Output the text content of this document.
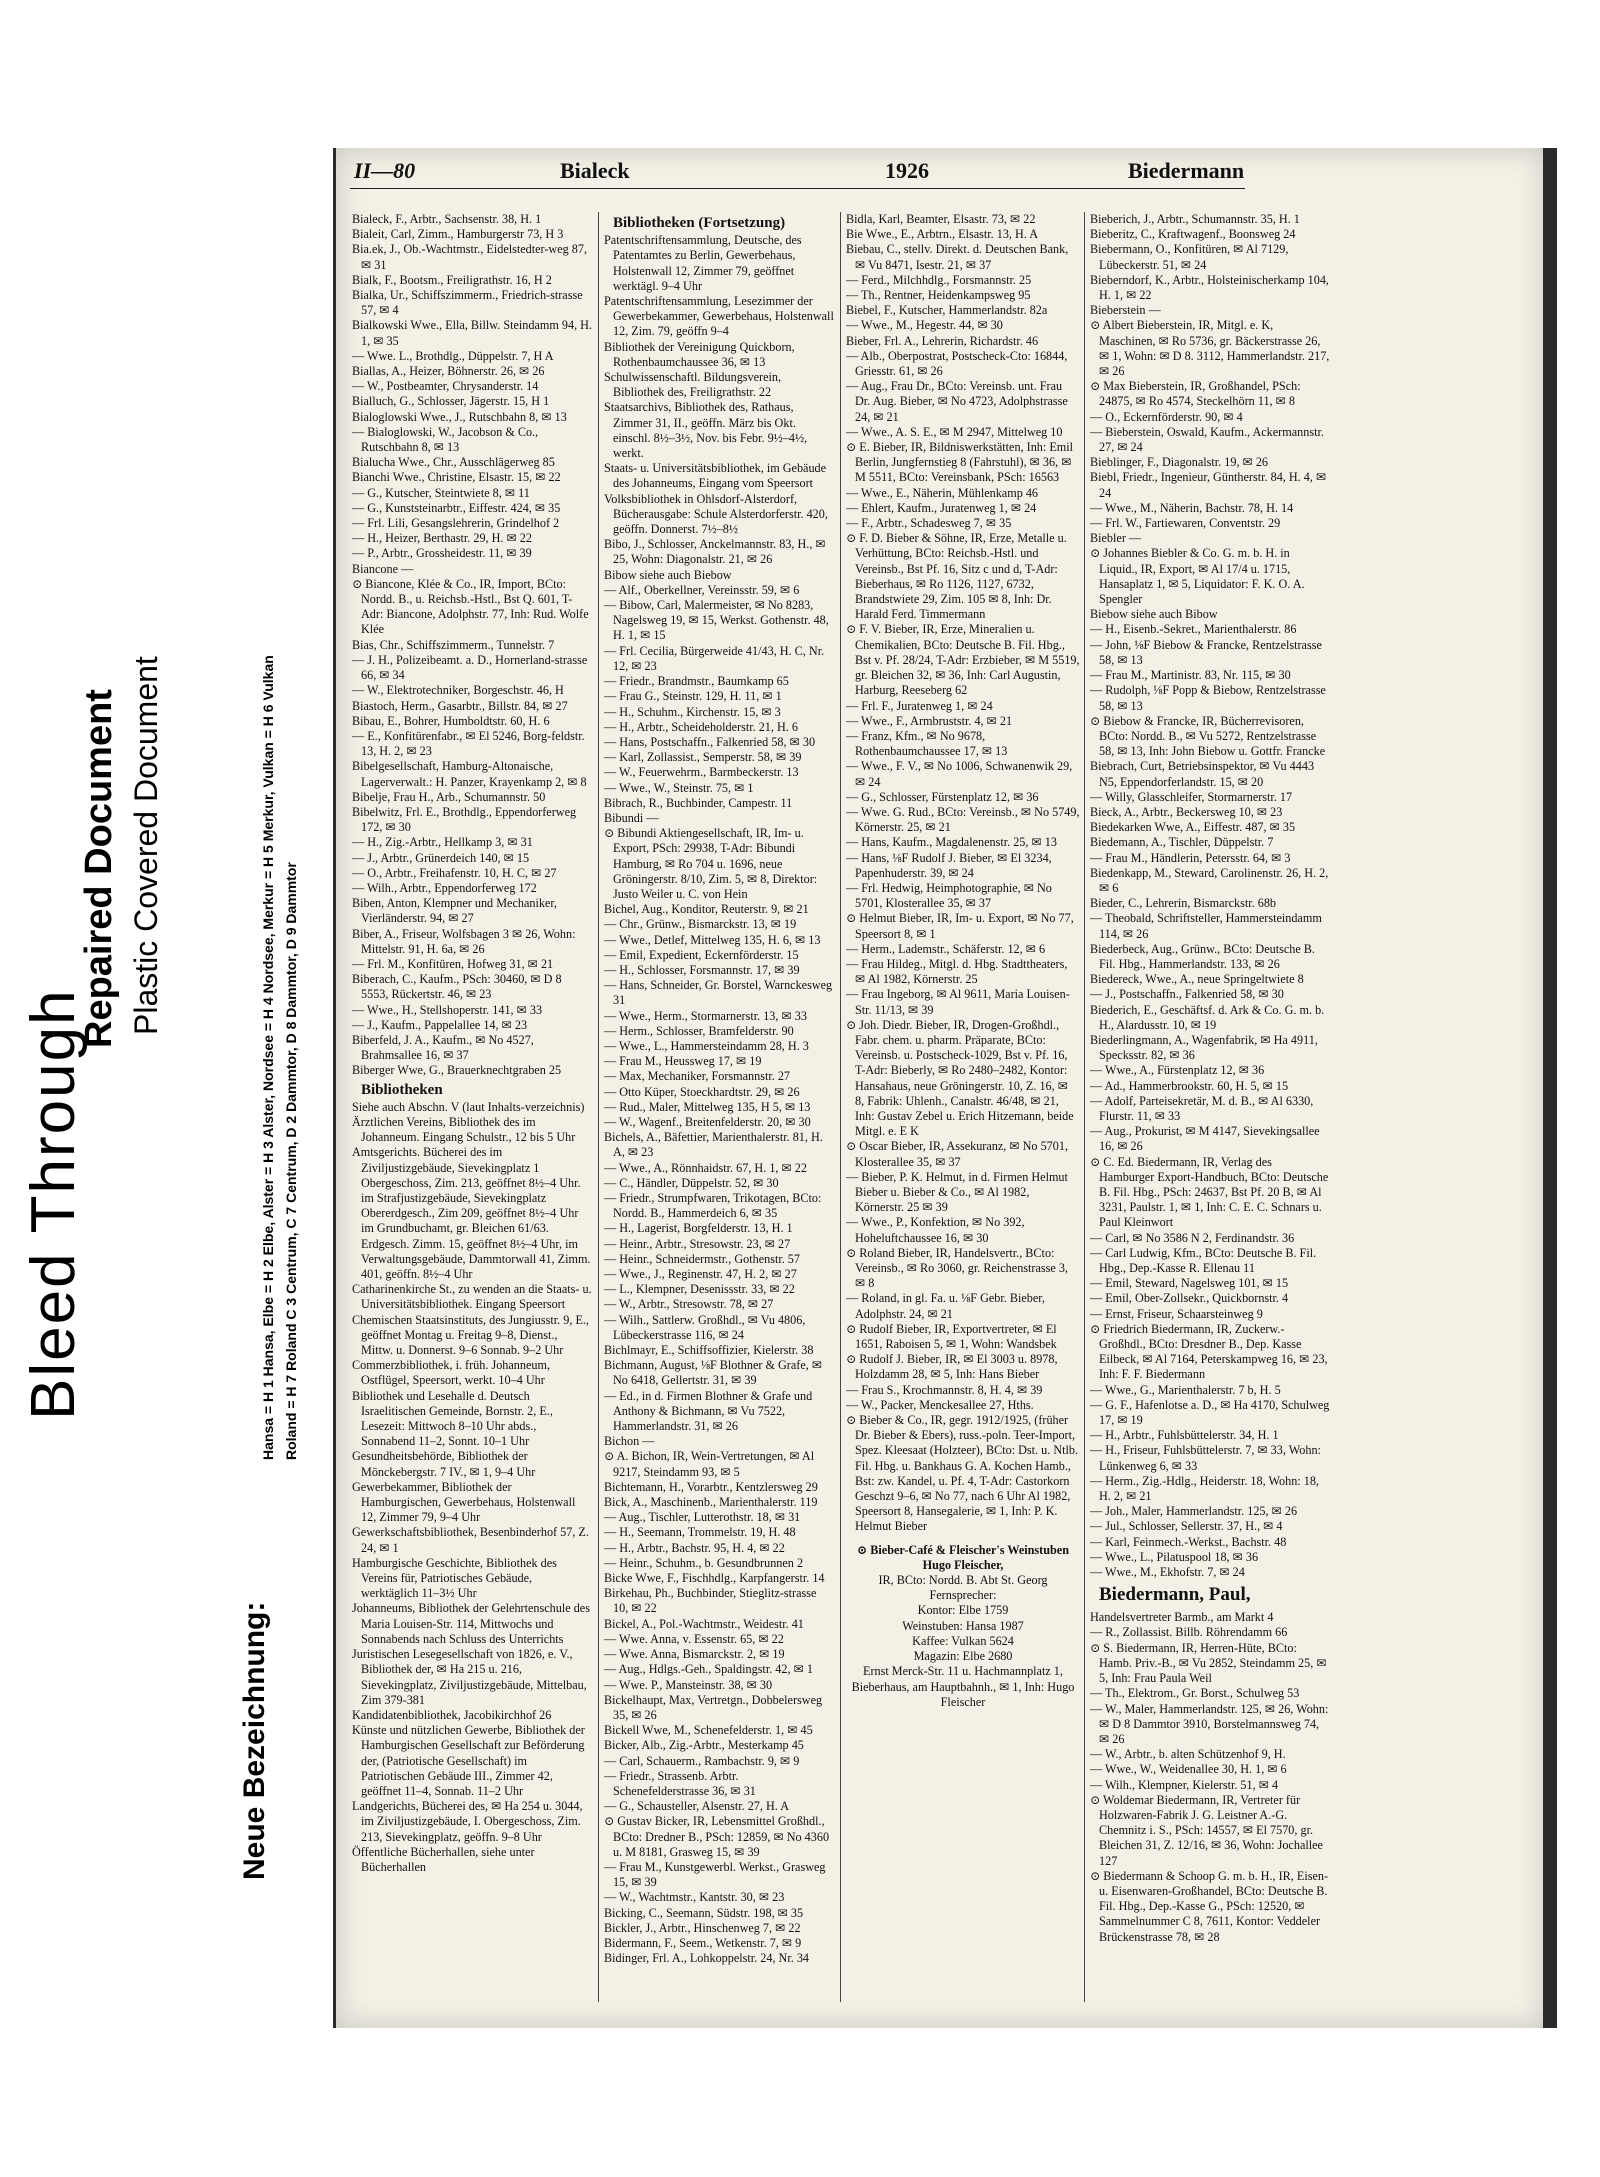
Bleed Through
Repaired Document Plastic Covered Document
Neue Bezeichnung:
Hansa = H 1 Hansa, Elbe = H 2 Elbe, Alster = H 3 Alster, Nordsee = H 4 Nordsee, Merkur = H 5 Merkur, Vulkan = H 6 Vulkan Roland = H 7 Roland C 3 Centrum, C 7 Centrum, D 2 Dammtor, D 8 Dammtor, D 9 Dammtor
II—80	Bialeck	1926	Biedermann

Bialeck, F., Arbtr., Sachsenstr. 38, H. 1

Bialeit, Carl, Zimm., Hamburgerstr 73, H 3

Bia.ek, J., Ob.-Wachtmstr., Eidelstedter-weg 87, ✉ 31

Bialk, F., Bootsm., Freiligrathstr. 16, H 2

Bialka, Ur., Schiffszimmerm., Friedrich-strasse 57, ✉ 4

Bialkowski Wwe., Ella, Billw. Steindamm 94, H. 1, ✉ 35

— Wwe. L., Brothdlg., Düppelstr. 7, H A

Biallas, A., Heizer, Böhnerstr. 26, ✉ 26

— W., Postbeamter, Chrysanderstr. 14

Bialluch, G., Schlosser, Jägerstr. 15, H 1

Bialoglowski Wwe., J., Rutschbahn 8, ✉ 13

— Bialoglowski, W., Jacobson & Co., Rutschbahn 8, ✉ 13

Bialucha Wwe., Chr., Ausschlägerweg 85

Bianchi Wwe., Christine, Elsastr. 15, ✉ 22

— G., Kutscher, Steintwiete 8, ✉ 11

— G., Kunststeinarbtr., Eiffestr. 424, ✉ 35

— Frl. Lili, Gesangslehrerin, Grindelhof 2

— H., Heizer, Berthastr. 29, H. ✉ 22

— P., Arbtr., Grossheidestr. 11, ✉ 39

Biancone —

⊙ Biancone, Klée & Co., IR, Import, BCto: Nordd. B., u. Reichsb.-Hstl., Bst Q. 601, T-Adr: Biancone, Adolphstr. 77, Inh: Rud. Wolfe Klée

Bias, Chr., Schiffszimmerm., Tunnelstr. 7

— J. H., Polizeibeamt. a. D., Hornerland-strasse 66, ✉ 34

— W., Elektrotechniker, Borgeschstr. 46, H

Biastoch, Herm., Gasarbtr., Billstr. 84, ✉ 27

Bibau, E., Bohrer, Humboldtstr. 60, H. 6

— E., Konfitürenfabr., ✉ El 5246, Borg-feldstr. 13, H. 2, ✉ 23

Bibelgesellschaft, Hamburg-Altonaische, Lagerverwalt.: H. Panzer, Krayenkamp 2, ✉ 8

Bibelje, Frau H., Arb., Schumannstr. 50

Bibelwitz, Frl. E., Brothdlg., Eppendorferweg 172, ✉ 30

— H., Zig.-Arbtr., Hellkamp 3, ✉ 31

— J., Arbtr., Grünerdeich 140, ✉ 15

— O., Arbtr., Freihafenstr. 10, H. C, ✉ 27

— Wilh., Arbtr., Eppendorferweg 172

Biben, Anton, Klempner und Mechaniker, Vierländerstr. 94, ✉ 27

Biber, A., Friseur, Wolfsbagen 3 ✉ 26, Wohn: Mittelstr. 91, H. 6a, ✉ 26

— Frl. M., Konfitüren, Hofweg 31, ✉ 21

Biberach, C., Kaufm., PSch: 30460, ✉ D 8 5553, Rückertstr. 46, ✉ 23

— Wwe., H., Stellshoperstr. 141, ✉ 33

— J., Kaufm., Pappelallee 14, ✉ 23

Biberfeld, J. A., Kaufm., ✉ No 4527, Brahmsallee 16, ✉ 37

Biberger Wwe, G., Brauerknechtgraben 25

Bibliotheken

Siehe auch Abschn. V (laut Inhalts-verzeichnis)

Ärztlichen Vereins, Bibliothek des im Johanneum. Eingang Schulstr., 12 bis 5 Uhr

Amtsgerichts. Bücherei des im Ziviljustizgebäude, Sievekingplatz 1 Obergeschoss, Zim. 213, geöffnet 8½–4 Uhr. im Strafjustizgebäude, Sievekingplatz Obererdgesch., Zim 209, geöffnet 8½–4 Uhr im Grundbuchamt, gr. Bleichen 61/63. Erdgesch. Zimm. 15, geöffnet 8½–4 Uhr, im Verwaltungsgebäude, Dammtorwall 41, Zimm. 401, geöffn. 8½–4 Uhr

Catharinenkirche St., zu wenden an die Staats- u. Universitätsbibliothek. Eingang Speersort

Chemischen Staatsinstituts, des Jungiusstr. 9, E., geöffnet Montag u. Freitag 9–8, Dienst., Mittw. u. Donnerst. 9–6 Sonnab. 9–2 Uhr

Commerzbibliothek, i. früh. Johanneum, Ostflügel, Speersort, werkt. 10–4 Uhr

Bibliothek und Lesehalle d. Deutsch Israelitischen Gemeinde, Bornstr. 2, E., Lesezeit: Mittwoch 8–10 Uhr abds., Sonnabend 11–2, Sonnt. 10–1 Uhr

Gesundheitsbehörde, Bibliothek der Mönckebergstr. 7 IV., ✉ 1, 9–4 Uhr

Gewerbekammer, Bibliothek der Hamburgischen, Gewerbehaus, Holstenwall 12, Zimmer 79, 9–4 Uhr

Gewerkschaftsbibliothek, Besenbinderhof 57, Z. 24, ✉ 1

Hamburgische Geschichte, Bibliothek des Vereins für, Patriotisches Gebäude, werktäglich 11–3½ Uhr

Johanneums, Bibliothek der Gelehrtenschule des Maria Louisen-Str. 114, Mittwochs und Sonnabends nach Schluss des Unterrichts

Juristischen Lesegesellschaft von 1826, e. V., Bibliothek der, ✉ Ha 215 u. 216, Sievekingplatz, Ziviljustizgebäude, Mittelbau, Zim 379-381

Kandidatenbibliothek, Jacobikirchhof 26

Künste und nützlichen Gewerbe, Bibliothek der Hamburgischen Gesellschaft zur Beförderung der, (Patriotische Gesellschaft) im Patriotischen Gebäude III., Zimmer 42, geöffnet 11–4, Sonnab. 11–2 Uhr

Landgerichts, Bücherei des, ✉ Ha 254 u. 3044, im Ziviljustizgebäude, I. Obergeschoss, Zim. 213, Sievekingplatz, geöffn. 9–8 Uhr

Öffentliche Bücherhallen, siehe unter Bücherhallen

Bibliotheken (Fortsetzung)

Patentschriftensammlung, Deutsche, des Patentamtes zu Berlin, Gewerbehaus, Holstenwall 12, Zimmer 79, geöffnet werktägl. 9–4 Uhr

Patentschriftensammlung, Lesezimmer der Gewerbekammer, Gewerbehaus, Holstenwall 12, Zim. 79, geöffn 9–4

Bibliothek der Vereinigung Quickborn, Rothenbaumchaussee 36, ✉ 13

Schulwissenschaftl. Bildungsverein, Bibliothek des, Freiligrathstr. 22

Staatsarchivs, Bibliothek des, Rathaus, Zimmer 31, II., geöffn. März bis Okt. einschl. 8½–3½, Nov. bis Febr. 9½–4½, werkt.

Staats- u. Universitätsbibliothek, im Gebäude des Johanneums, Eingang vom Speersort

Volksbibliothek in Ohlsdorf-Alsterdorf, Bücherausgabe: Schule Alsterdorferstr. 420, geöffn. Donnerst. 7½–8½

Bibo, J., Schlosser, Anckelmannstr. 83, H., ✉ 25, Wohn: Diagonalstr. 21, ✉ 26

Bibow siehe auch Biebow

— Alf., Oberkellner, Vereinsstr. 59, ✉ 6

— Bibow, Carl, Malermeister, ✉ No 8283, Nagelsweg 19, ✉ 15, Werkst. Gothenstr. 48, H. 1, ✉ 15

— Frl. Cecilia, Bürgerweide 41/43, H. C, Nr. 12, ✉ 23

— Friedr., Brandmstr., Baumkamp 65

— Frau G., Steinstr. 129, H. 11, ✉ 1

— H., Schuhm., Kirchenstr. 15, ✉ 3

— H., Arbtr., Scheideholderstr. 21, H. 6

— Hans, Postschaffn., Falkenried 58, ✉ 30

— Karl, Zollassist., Semperstr. 58, ✉ 39

— W., Feuerwehrm., Barmbeckerstr. 13

— Wwe., W., Steinstr. 75, ✉ 1

Bibrach, R., Buchbinder, Campestr. 11

Bibundi —

⊙ Bibundi Aktiengesellschaft, IR, Im- u. Export, PSch: 29938, T-Adr: Bibundi Hamburg, ✉ Ro 704 u. 1696, neue Gröningerstr. 8/10, Zim. 5, ✉ 8, Direktor: Justo Weiler u. C. von Hein

Bichel, Aug., Konditor, Reuterstr. 9, ✉ 21

— Chr., Grünw., Bismarckstr. 13, ✉ 19

— Wwe., Detlef, Mittelweg 135, H. 6, ✉ 13

— Emil, Expedient, Eckernförderstr. 15

— H., Schlosser, Forsmannstr. 17, ✉ 39

— Hans, Schneider, Gr. Borstel, Warnckesweg 31

— Wwe., Herm., Stormarnerstr. 13, ✉ 33

— Herm., Schlosser, Bramfelderstr. 90

— Wwe., L., Hammersteindamm 28, H. 3

— Frau M., Heussweg 17, ✉ 19

— Max, Mechaniker, Forsmannstr. 27

— Otto Küper, Stoeckhardtstr. 29, ✉ 26

— Rud., Maler, Mittelweg 135, H 5, ✉ 13

— W., Wagenf., Breitenfelderstr. 20, ✉ 30

Bichels, A., Bäfettier, Marienthalerstr. 81, H. A, ✉ 23

— Wwe., A., Rönnhaidstr. 67, H. 1, ✉ 22

— C., Händler, Düppelstr. 52, ✉ 30

— Friedr., Strumpfwaren, Trikotagen, BCto: Nordd. B., Hammerdeich 6, ✉ 35

— H., Lagerist, Borgfelderstr. 13, H. 1

— Heinr., Arbtr., Stresowstr. 23, ✉ 27

— Heinr., Schneidermstr., Gothenstr. 57

— Wwe., J., Reginenstr. 47, H. 2, ✉ 27

— L., Klempner, Desenissstr. 33, ✉ 22

— W., Arbtr., Stresowstr. 78, ✉ 27

— Wilh., Sattlerw. Großhdl., ✉ Vu 4806, Lübeckerstrasse 116, ✉ 24

Bichlmayr, E., Schiffsoffizier, Kielerstr. 38

Bichmann, August, ⅛F Blothner & Grafe, ✉ No 6418, Gellertstr. 31, ✉ 39

— Ed., in d. Firmen Blothner & Grafe und Anthony & Bichmann, ✉ Vu 7522, Hammerlandstr. 31, ✉ 26

Bichon —

⊙ A. Bichon, IR, Wein-Vertretungen, ✉ Al 9217, Steindamm 93, ✉ 5

Bichtemann, H., Vorarbtr., Kentzlersweg 29

Bick, A., Maschinenb., Marienthalerstr. 119

— Aug., Tischler, Lutterothstr. 18, ✉ 31

— H., Seemann, Trommelstr. 19, H. 48

— H., Arbtr., Bachstr. 95, H. 4, ✉ 22

— Heinr., Schuhm., b. Gesundbrunnen 2

Bicke Wwe, F., Fischhdlg., Karpfangerstr. 14

Birkehau, Ph., Buchbinder, Stieglitz-strasse 10, ✉ 22

Bickel, A., Pol.-Wachtmstr., Weidestr. 41

— Wwe. Anna, v. Essenstr. 65, ✉ 22

— Wwe. Anna, Bismarckstr. 2, ✉ 19

— Aug., Hdlgs.-Geh., Spaldingstr. 42, ✉ 1

— Wwe. P., Mansteinstr. 38, ✉ 30

Bickelhaupt, Max, Vertretgn., Dobbelersweg 35, ✉ 26

Bickell Wwe, M., Schenefelderstr. 1, ✉ 45

Bicker, Alb., Zig.-Arbtr., Mesterkamp 45

— Carl, Schauerm., Rambachstr. 9, ✉ 9

— Friedr., Strassenb. Arbtr. Schenefelderstrasse 36, ✉ 31

— G., Schausteller, Alsenstr. 27, H. A

⊙ Gustav Bicker, IR, Lebensmittel Großhdl., BCto: Dredner B., PSch: 12859, ✉ No 4360 u. M 8181, Grasweg 15, ✉ 39

— Frau M., Kunstgewerbl. Werkst., Grasweg 15, ✉ 39

— W., Wachtmstr., Kantstr. 30, ✉ 23

Bicking, C., Seemann, Südstr. 198, ✉ 35

Bickler, J., Arbtr., Hinschenweg 7, ✉ 22

Bidermann, F., Seem., Wetkenstr. 7, ✉ 9

Bidinger, Frl. A., Lohkoppelstr. 24, Nr. 34

Bidla, Karl, Beamter, Elsastr. 73, ✉ 22

Bie Wwe., E., Arbtrn., Elsastr. 13, H. A

Biebau, C., stellv. Direkt. d. Deutschen Bank, ✉ Vu 8471, Isestr. 21, ✉ 37

— Ferd., Milchhdlg., Forsmannstr. 25

— Th., Rentner, Heidenkampsweg 95

Biebel, F., Kutscher, Hammerlandstr. 82a

— Wwe., M., Hegestr. 44, ✉ 30

Bieber, Frl. A., Lehrerin, Richardstr. 46

— Alb., Oberpostrat, Postscheck-Cto: 16844, Griesstr. 61, ✉ 26

— Aug., Frau Dr., BCto: Vereinsb. unt. Frau Dr. Aug. Bieber, ✉ No 4723, Adolphstrasse 24, ✉ 21

— Wwe., A. S. E., ✉ M 2947, Mittelweg 10

⊙ E. Bieber, IR, Bildniswerkstätten, Inh: Emil Berlin, Jungfernstieg 8 (Fahrstuhl), ✉ 36, ✉ M 5511, BCto: Vereinsbank, PSch: 16563

— Wwe., E., Näherin, Mühlenkamp 46

— Ehlert, Kaufm., Juratenweg 1, ✉ 24

— F., Arbtr., Schadesweg 7, ✉ 35

⊙ F. D. Bieber & Söhne, IR, Erze, Metalle u. Verhüttung, BCto: Reichsb.-Hstl. und Vereinsb., Bst Pf. 16, Sitz c und d, T-Adr: Bieberhaus, ✉ Ro 1126, 1127, 6732, Brandstwiete 29, Zim. 105 ✉ 8, Inh: Dr. Harald Ferd. Timmermann

⊙ F. V. Bieber, IR, Erze, Mineralien u. Chemikalien, BCto: Deutsche B. Fil. Hbg., Bst v. Pf. 28/24, T-Adr: Erzbieber, ✉ M 5519, gr. Bleichen 32, ✉ 36, Inh: Carl Augustin, Harburg, Reeseberg 62

— Frl. F., Juratenweg 1, ✉ 24

— Wwe., F., Armbruststr. 4, ✉ 21

— Franz, Kfm., ✉ No 9678, Rothenbaumchaussee 17, ✉ 13

— Wwe., F. V., ✉ No 1006, Schwanenwik 29, ✉ 24

— G., Schlosser, Fürstenplatz 12, ✉ 36

— Wwe. G. Rud., BCto: Vereinsb., ✉ No 5749, Körnerstr. 25, ✉ 21

— Hans, Kaufm., Magdalenenstr. 25, ✉ 13

— Hans, ⅛F Rudolf J. Bieber, ✉ El 3234, Papenhuderstr. 39, ✉ 24

— Frl. Hedwig, Heimphotographie, ✉ No 5701, Klosterallee 35, ✉ 37

⊙ Helmut Bieber, IR, Im- u. Export, ✉ No 77, Speersort 8, ✉ 1

— Herm., Lademstr., Schäferstr. 12, ✉ 6

— Frau Hildeg., Mitgl. d. Hbg. Stadttheaters, ✉ Al 1982, Körnerstr. 25

— Frau Ingeborg, ✉ Al 9611, Maria Louisen-Str. 11/13, ✉ 39

⊙ Joh. Diedr. Bieber, IR, Drogen-Großhdl., Fabr. chem. u. pharm. Präparate, BCto: Vereinsb. u. Postscheck-1029, Bst v. Pf. 16, T-Adr: Bieberly, ✉ Ro 2480–2482, Kontor: Hansahaus, neue Gröningerstr. 10, Z. 16, ✉ 8, Fabrik: Uhlenh., Canalstr. 46/48, ✉ 21, Inh: Gustav Zebel u. Erich Hitzemann, beide Mitgl. e. E K

⊙ Oscar Bieber, IR, Assekuranz, ✉ No 5701, Klosterallee 35, ✉ 37

— Bieber, P. K. Helmut, in d. Firmen Helmut Bieber u. Bieber & Co., ✉ Al 1982, Körnerstr. 25 ✉ 39

— Wwe., P., Konfektion, ✉ No 392, Hoheluftchaussee 16, ✉ 30

⊙ Roland Bieber, IR, Handelsvertr., BCto: Vereinsb., ✉ Ro 3060, gr. Reichenstrasse 3, ✉ 8

— Roland, in gl. Fa. u. ⅛F Gebr. Bieber, Adolphstr. 24, ✉ 21

⊙ Rudolf Bieber, IR, Exportvertreter, ✉ El 1651, Raboisen 5, ✉ 1, Wohn: Wandsbek

⊙ Rudolf J. Bieber, IR, ✉ El 3003 u. 8978, Holzdamm 28, ✉ 5, Inh: Hans Bieber

— Frau S., Krochmannstr. 8, H. 4, ✉ 39

— W., Packer, Menckesallee 27, Hths.

⊙ Bieber & Co., IR, gegr. 1912/1925, (früher Dr. Bieber & Ebers), russ.-poln. Teer-Import, Spez. Kleesaat (Holzteer), BCto: Dst. u. Ntlb. Fil. Hbg. u. Bankhaus G. A. Kochen Hamb., Bst: zw. Kandel, u. Pf. 4, T-Adr: Castorkorn Geschzt 9–6, ✉ No 77, nach 6 Uhr Al 1982, Speersort 8, Hansegalerie, ✉ 1, Inh: P. K. Helmut Bieber

⊙ Bieber-Café & Fleischer's Weinstuben Hugo Fleischer,

IR, BCto: Nordd. B. Abt St. Georg

Fernsprecher:

Kontor: Elbe 1759

Weinstuben: Hansa 1987

Kaffee: Vulkan 5624

Magazin: Elbe 2680

Ernst Merck-Str. 11 u. Hachmannplatz 1, Bieberhaus, am Hauptbahnh., ✉ 1, Inh: Hugo Fleischer

Bieberich, J., Arbtr., Schumannstr. 35, H. 1

Bieberitz, C., Kraftwagenf., Boonsweg 24

Biebermann, O., Konfitüren, ✉ Al 7129, Lübeckerstr. 51, ✉ 24

Bieberndorf, K., Arbtr., Holsteinischerkamp 104, H. 1, ✉ 22

Bieberstein —

⊙ Albert Bieberstein, IR, Mitgl. e. K, Maschinen, ✉ Ro 5736, gr. Bäckerstrasse 26, ✉ 1, Wohn: ✉ D 8. 3112, Hammerlandstr. 217, ✉ 26

⊙ Max Bieberstein, IR, Großhandel, PSch: 24875, ✉ Ro 4574, Steckelhörn 11, ✉ 8

— O., Eckernförderstr. 90, ✉ 4

— Bieberstein, Oswald, Kaufm., Ackermannstr. 27, ✉ 24

Bieblinger, F., Diagonalstr. 19, ✉ 26

Biebl, Friedr., Ingenieur, Güntherstr. 84, H. 4, ✉ 24

— Wwe., M., Näherin, Bachstr. 78, H. 14

— Frl. W., Fartiewaren, Conventstr. 29

Biebler —

⊙ Johannes Biebler & Co. G. m. b. H. in Liquid., IR, Export, ✉ Al 17/4 u. 1715, Hansaplatz 1, ✉ 5, Liquidator: F. K. O. A. Spengler

Biebow siehe auch Bibow

— H., Eisenb.-Sekret., Marienthalerstr. 86

— John, ⅛F Biebow & Francke, Rentzelstrasse 58, ✉ 13

— Frau M., Martinistr. 83, Nr. 115, ✉ 30

— Rudolph, ⅛F Popp & Biebow, Rentzelstrasse 58, ✉ 13

⊙ Biebow & Francke, IR, Bücherrevisoren, BCto: Nordd. B., ✉ Vu 5272, Rentzelstrasse 58, ✉ 13, Inh: John Biebow u. Gottfr. Francke

Biebrach, Curt, Betriebsinspektor, ✉ Vu 4443 N5, Eppendorferlandstr. 15, ✉ 20

— Willy, Glasschleifer, Stormarnerstr. 17

Bieck, A., Arbtr., Beckersweg 10, ✉ 23

Biedekarken Wwe, A., Eiffestr. 487, ✉ 35

Biedemann, A., Tischler, Düppelstr. 7

— Frau M., Händlerin, Petersstr. 64, ✉ 3

Biedenkapp, M., Steward, Carolinenstr. 26, H. 2, ✉ 6

Bieder, C., Lehrerin, Bismarckstr. 68b

— Theobald, Schriftsteller, Hammersteindamm 114, ✉ 26

Biederbeck, Aug., Grünw., BCto: Deutsche B. Fil. Hbg., Hammerlandstr. 133, ✉ 26

Biedereck, Wwe., A., neue Springeltwiete 8

— J., Postschaffn., Falkenried 58, ✉ 30

Biederich, E., Geschäftsf. d. Ark & Co. G. m. b. H., Alardusstr. 10, ✉ 19

Biederlingmann, A., Wagenfabrik, ✉ Ha 4911, Specksstr. 82, ✉ 36

— Wwe., A., Fürstenplatz 12, ✉ 36

— Ad., Hammerbrookstr. 60, H. 5, ✉ 15

— Adolf, Parteisekretär, M. d. B., ✉ Al 6330, Flurstr. 11, ✉ 33

— Aug., Prokurist, ✉ M 4147, Sievekingsallee 16, ✉ 26

⊙ C. Ed. Biedermann, IR, Verlag des Hamburger Export-Handbuch, BCto: Deutsche B. Fil. Hbg., PSch: 24637, Bst Pf. 20 B, ✉ Al 3231, Paulstr. 1, ✉ 1, Inh: C. E. C. Schnars u. Paul Kleinwort

— Carl, ✉ No 3586 N 2, Ferdinandstr. 36

— Carl Ludwig, Kfm., BCto: Deutsche B. Fil. Hbg., Dep.-Kasse R. Ellenau 11

— Emil, Steward, Nagelsweg 101, ✉ 15

— Emil, Ober-Zollsekr., Quickbornstr. 4

— Ernst, Friseur, Schaarsteinweg 9

⊙ Friedrich Biedermann, IR, Zuckerw.-Großhdl., BCto: Dresdner B., Dep. Kasse Eilbeck, ✉ Al 7164, Peterskampweg 16, ✉ 23, Inh: F. F. Biedermann

— Wwe., G., Marienthalerstr. 7 b, H. 5

— G. F., Hafenlotse a. D., ✉ Ha 4170, Schulweg 17, ✉ 19

— H., Arbtr., Fuhlsbüttelerstr. 34, H. 1

— H., Friseur, Fuhlsbüttelerstr. 7, ✉ 33, Wohn: Lünkenweg 6, ✉ 33

— Herm., Zig.-Hdlg., Heiderstr. 18, Wohn: 18, H. 2, ✉ 21

— Joh., Maler, Hammerlandstr. 125, ✉ 26

— Jul., Schlosser, Sellerstr. 37, H., ✉ 4

— Karl, Feinmech.-Werkst., Bachstr. 48

— Wwe., L., Pilatuspool 18, ✉ 36

— Wwe., M., Ekhofstr. 7, ✉ 24

Biedermann, Paul,

Handelsvertreter Barmb., am Markt 4

— R., Zollassist. Billb. Röhrendamm 66

⊙ S. Biedermann, IR, Herren-Hüte, BCto: Hamb. Priv.-B., ✉ Vu 2852, Steindamm 25, ✉ 5, Inh: Frau Paula Weil

— Th., Elektrom., Gr. Borst., Schulweg 53

— W., Maler, Hammerlandstr. 125, ✉ 26, Wohn: ✉ D 8 Dammtor 3910, Borstelmannsweg 74, ✉ 26

— W., Arbtr., b. alten Schützenhof 9, H.

— Wwe., W., Weidenallee 30, H. 1, ✉ 6

— Wilh., Klempner, Kielerstr. 51, ✉ 4

⊙ Woldemar Biedermann, IR, Vertreter für Holzwaren-Fabrik J. G. Leistner A.-G. Chemnitz i. S., PSch: 14557, ✉ El 7570, gr. Bleichen 31, Z. 12/16, ✉ 36, Wohn: Jochallee 127

⊙ Biedermann & Schoop G. m. b. H., IR, Eisen- u. Eisenwaren-Großhandel, BCto: Deutsche B. Fil. Hbg., Dep.-Kasse G., PSch: 12520, ✉ Sammelnummer C 8, 7611, Kontor: Veddeler Brückenstrasse 78, ✉ 28
